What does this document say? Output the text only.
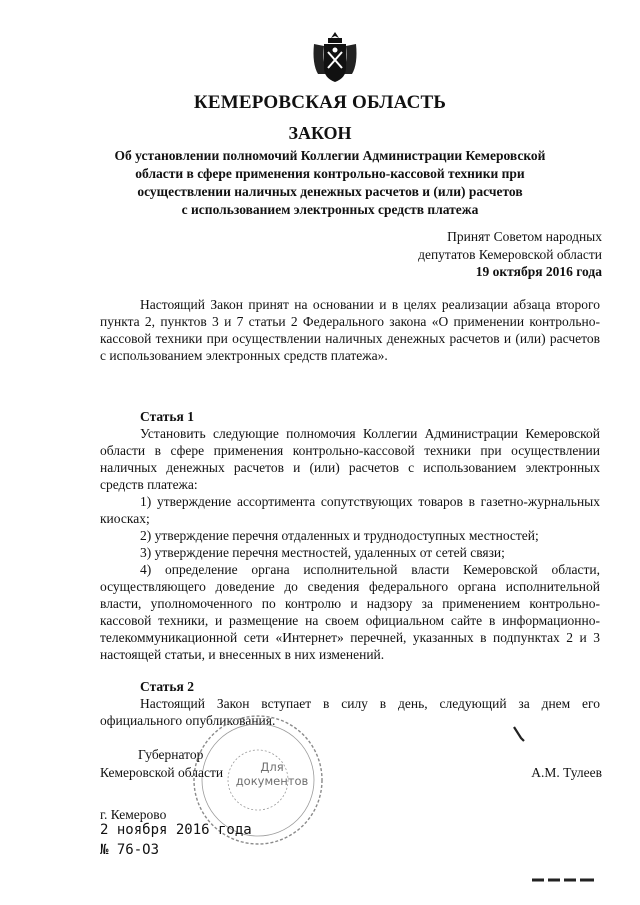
КЕМЕРОВСКАЯ ОБЛАСТЬ
ЗАКОН
Об установлении полномочий Коллегии Администрации Кемеровской
области в сфере применения контрольно-кассовой техники при
осуществлении наличных денежных расчетов и (или) расчетов
с использованием электронных средств платежа
Принят Советом народных
депутатов Кемеровской области
19 октября 2016 года

Настоящий Закон принят на основании и в целях реализации абзаца второго пункта 2, пунктов 3 и 7 статьи 2 Федерального закона «О применении контрольно-кассовой техники при осуществлении наличных денежных расчетов и (или) расчетов с использованием электронных средств платежа».

Статья 1

Установить следующие полномочия Коллегии Администрации Кемеровской области в сфере применения контрольно-кассовой техники при осуществлении наличных денежных расчетов и (или) расчетов с использованием электронных средств платежа:

1) утверждение ассортимента сопутствующих товаров в газетно-журнальных киосках;

2) утверждение перечня отдаленных и труднодоступных местностей;

3) утверждение перечня местностей, удаленных от сетей связи;

4) определение органа исполнительной власти Кемеровской области, осуществляющего доведение до сведения федерального органа исполнительной власти, уполномоченного по контролю и надзору за применением контрольно-кассовой техники, и размещение на своем официальном сайте в информационно-телекоммуникационной сети «Интернет» перечней, указанных в подпунктах 2 и 3 настоящей статьи, и внесенных в них изменений.

Статья 2

Настоящий Закон вступает в силу в день, следующий за днем его официального опубликования.

Для
документов
Губернатор
Кемеровской области	А.М. Тулеев
г. Кемерово
2 ноября 2016 года
№ 76-ОЗ
